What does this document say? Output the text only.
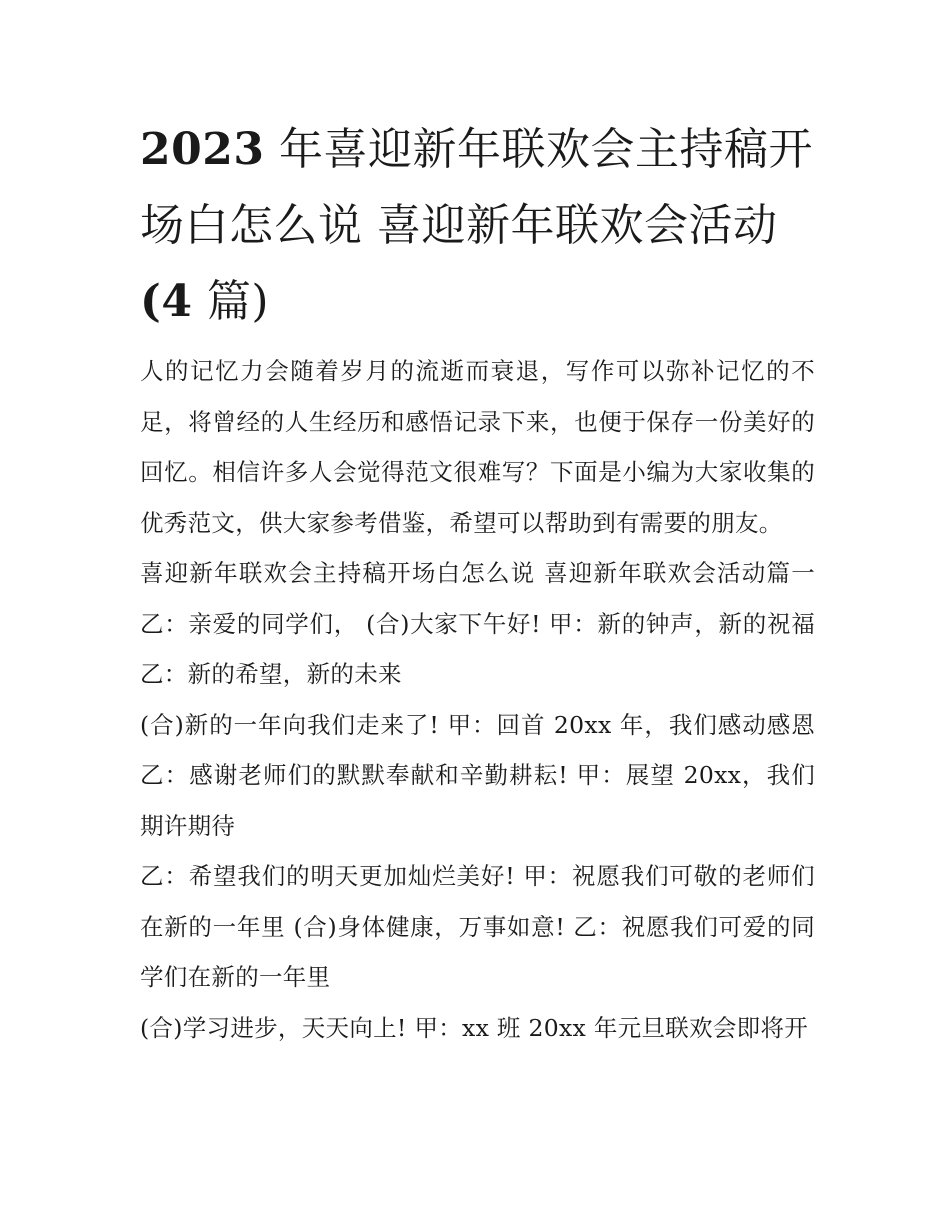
2023 年喜迎新年联欢会主持稿开场白怎么说 喜迎新年联欢会活动(4 篇)

人的记忆力会随着岁月的流逝而衰退，写作可以弥补记忆的不足，将曾经的人生经历和感悟记录下来，也便于保存一份美好的回忆。相信许多人会觉得范文很难写？下面是小编为大家收集的优秀范文，供大家参考借鉴，希望可以帮助到有需要的朋友。

喜迎新年联欢会主持稿开场白怎么说 喜迎新年联欢会活动篇一 乙：亲爱的同学们， (合)大家下午好! 甲：新的钟声，新的祝福 乙：新的希望，新的未来

(合)新的一年向我们走来了! 甲：回首 20xx 年，我们感动感恩 乙：感谢老师们的默默奉献和辛勤耕耘! 甲：展望 20xx，我们期许期待

乙：希望我们的明天更加灿烂美好! 甲：祝愿我们可敬的老师们在新的一年里 (合)身体健康，万事如意! 乙：祝愿我们可爱的同学们在新的一年里

(合)学习进步，天天向上! 甲：xx 班 20xx 年元旦联欢会即将开
